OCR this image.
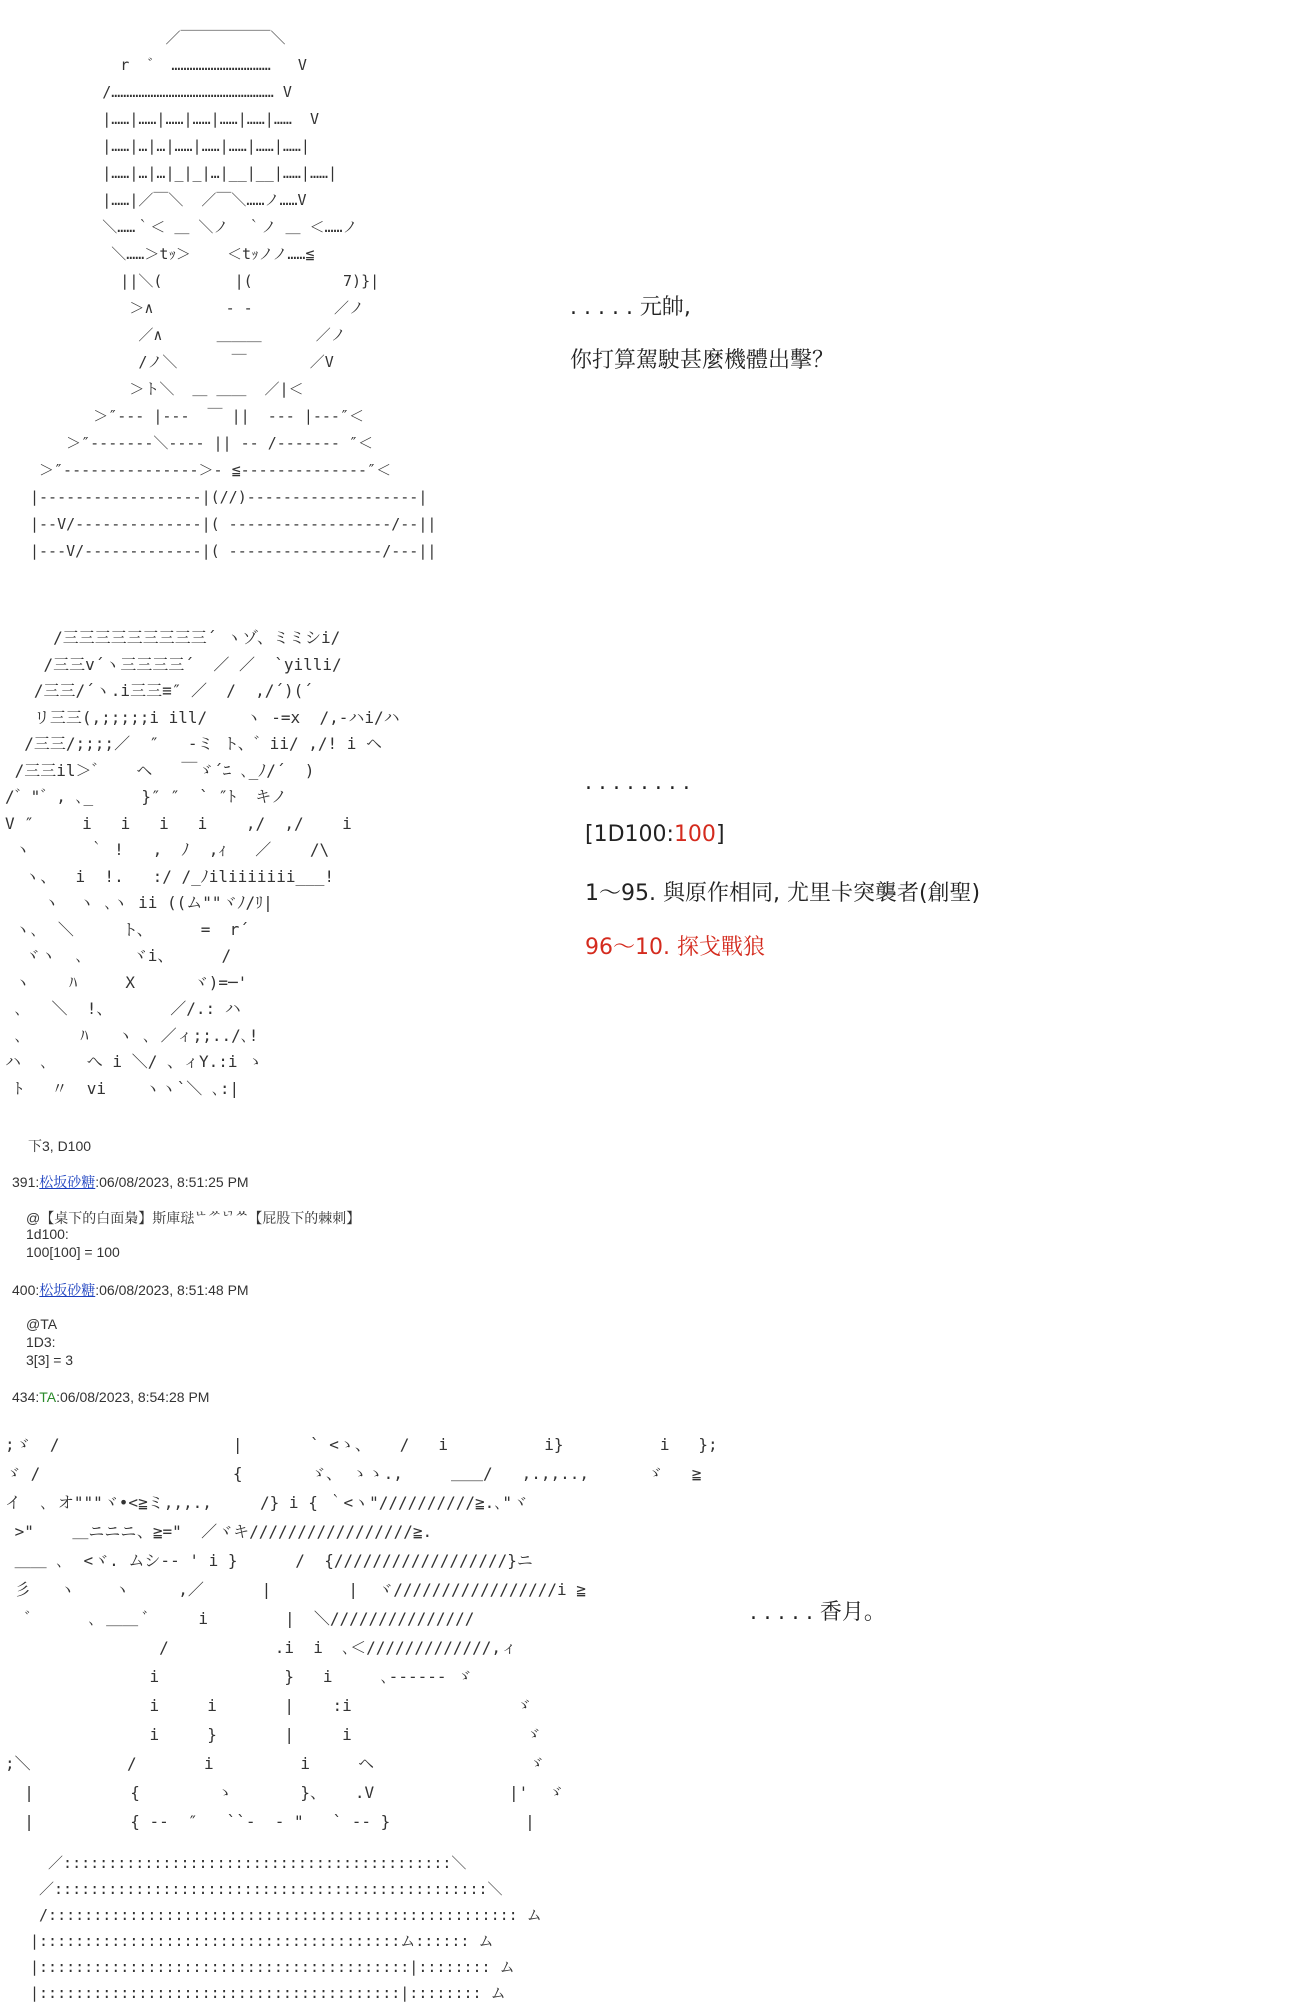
／￣￣￣￣￣￣＼
r  ゛ ……………………………   V
/……………………………………………… V
|……|……|……|……|……|……|……  V
|……|…|…|……|……|……|……|……|
|……|…|…|_|_|…|__|__|……|……|
|……|／￣＼  ／￣＼……ノ……V
＼……｀＜ ＿ ＼ノ  ｀ノ ＿ ＜……ノ
＼……＞tｯ＞    ＜tｯノノ……≦
||＼(        |(          7)}|
＞∧        - -         ／ノ
／∧      ＿＿＿      ／ノ
/ノ＼      ￣       ／V
＞ト＼  ＿ ＿＿  ／|＜
＞″--- |---  ￣ ||  --- |---″＜
＞″-------＼---- || -- /------- ″＜
＞″---------------＞- ≦--------------″＜
|------------------|(//)-------------------|
|--V/--------------|( ------------------/--||
|---V/-------------|( -----------------/---||
. . . . . 元帥,
你打算駕駛甚麼機體出擊？
/三三三三三三三三三´ ヽゾ、ミミシi/
/三三v´ヽ三三三三´  ／ ／  `yilli/
/三三/´ヽ.i三三≡″ ／  /  ,/´)(´
リ三三(,;;;;;i ill/    ヽ ‐=x  /,-ハi/ハ
/三三/;;;;／  ″   -ミ ト、゛ii/ ,/! i ヘ
/三三il＞゛   ヘ   ￣ゞ´ﾆ ､_ﾉ/´  )
/゛"゛, ､_     }″ ″  ` ″ﾄ  キノ
V ″     i   i   i   i    ,/  ,/    i
ヽ      ｀ !   ,  ﾉ  ,ｨ   ／    /\
ヽ、  i  !.   :/ /_ﾉiliiiiiii___!
ヽ  ヽ ､ヽ ii ((ム""ヾﾉ/ﾘ|
ヽ､  ＼     ト、     =  r´
ヾヽ  ､     ヾi、     /
ヽ    ﾊ     X      ヾ)=─'
､   ＼  !、      ／/.: ハ
､      ﾊ   ヽ ､ ／ィ;;../､!
ハ  ､    へ i ＼/ 、ィY.:i ゝ
ﾄ   〃  vi    ヽヽ`＼ ､:|
. . . . . . . .
[1D100:100]
1～95. 與原作相同, 尤里卡突襲者(創聖)
96～10. 探戈戰狼
下3, D100
391:松坂砂糖:06/08/2023, 8:51:25 PM
@【桌下的白面梟】斯庫琺ᄔᄽᄓᄊ【屁股下的棘刺】
1d100:
100[100] = 100
400:松坂砂糖:06/08/2023, 8:51:48 PM
@TA
1D3:
3[3] = 3
434:TA:06/08/2023, 8:54:28 PM
;ゞ  /                  |       ` <ゝ、   /   i          i}          i   };
ゞ /                    {       ゞ、 ゝゝ.,     ＿＿/   ,.,,..,      ゞ   ≧
イ  ､ オ"""ヾ•<≧ミ,,,.,     /} i { ｀<ヽ"//////////≧.､"ヾ
>"    ＿ニニニ、≧="  ／ヾキ/////////////////≧.
＿＿ ､  <ヾ. ムシ-- ' i }      /  {//////////////////}ニ
彡   ヽ    ヽ     ,／      |        |  ヾ/////////////////i ≧
゛     ､ ＿＿ ﾞ     i        |  ＼///////////////
/           .i  i  ､＜/////////////,ィ
i             }   i     ､------ ゞ
i     i       |    :i                 ゞ
i     }       |     i                  ゞ
;＼          /       i         i     ヘ                ゞ
|          {        ゝ       }、   .V              |'  ゞ
|          { --  ″   ``-  - "   ` -- }              |
. . . . . 香月。
／:::::::::::::::::::::::::::::::::::::::::::＼
／::::::::::::::::::::::::::::::::::::::::::::::::＼
/:::::::::::::::::::::::::::::::::::::::::::::::::::: ム
|::::::::::::::::::::::::::::::::::::::::ム:::::: ム
|:::::::::::::::::::::::::::::::::::::::::|:::::::: ム
|::::::::::::::::::::::::::::::::::::::::|:::::::: ム
